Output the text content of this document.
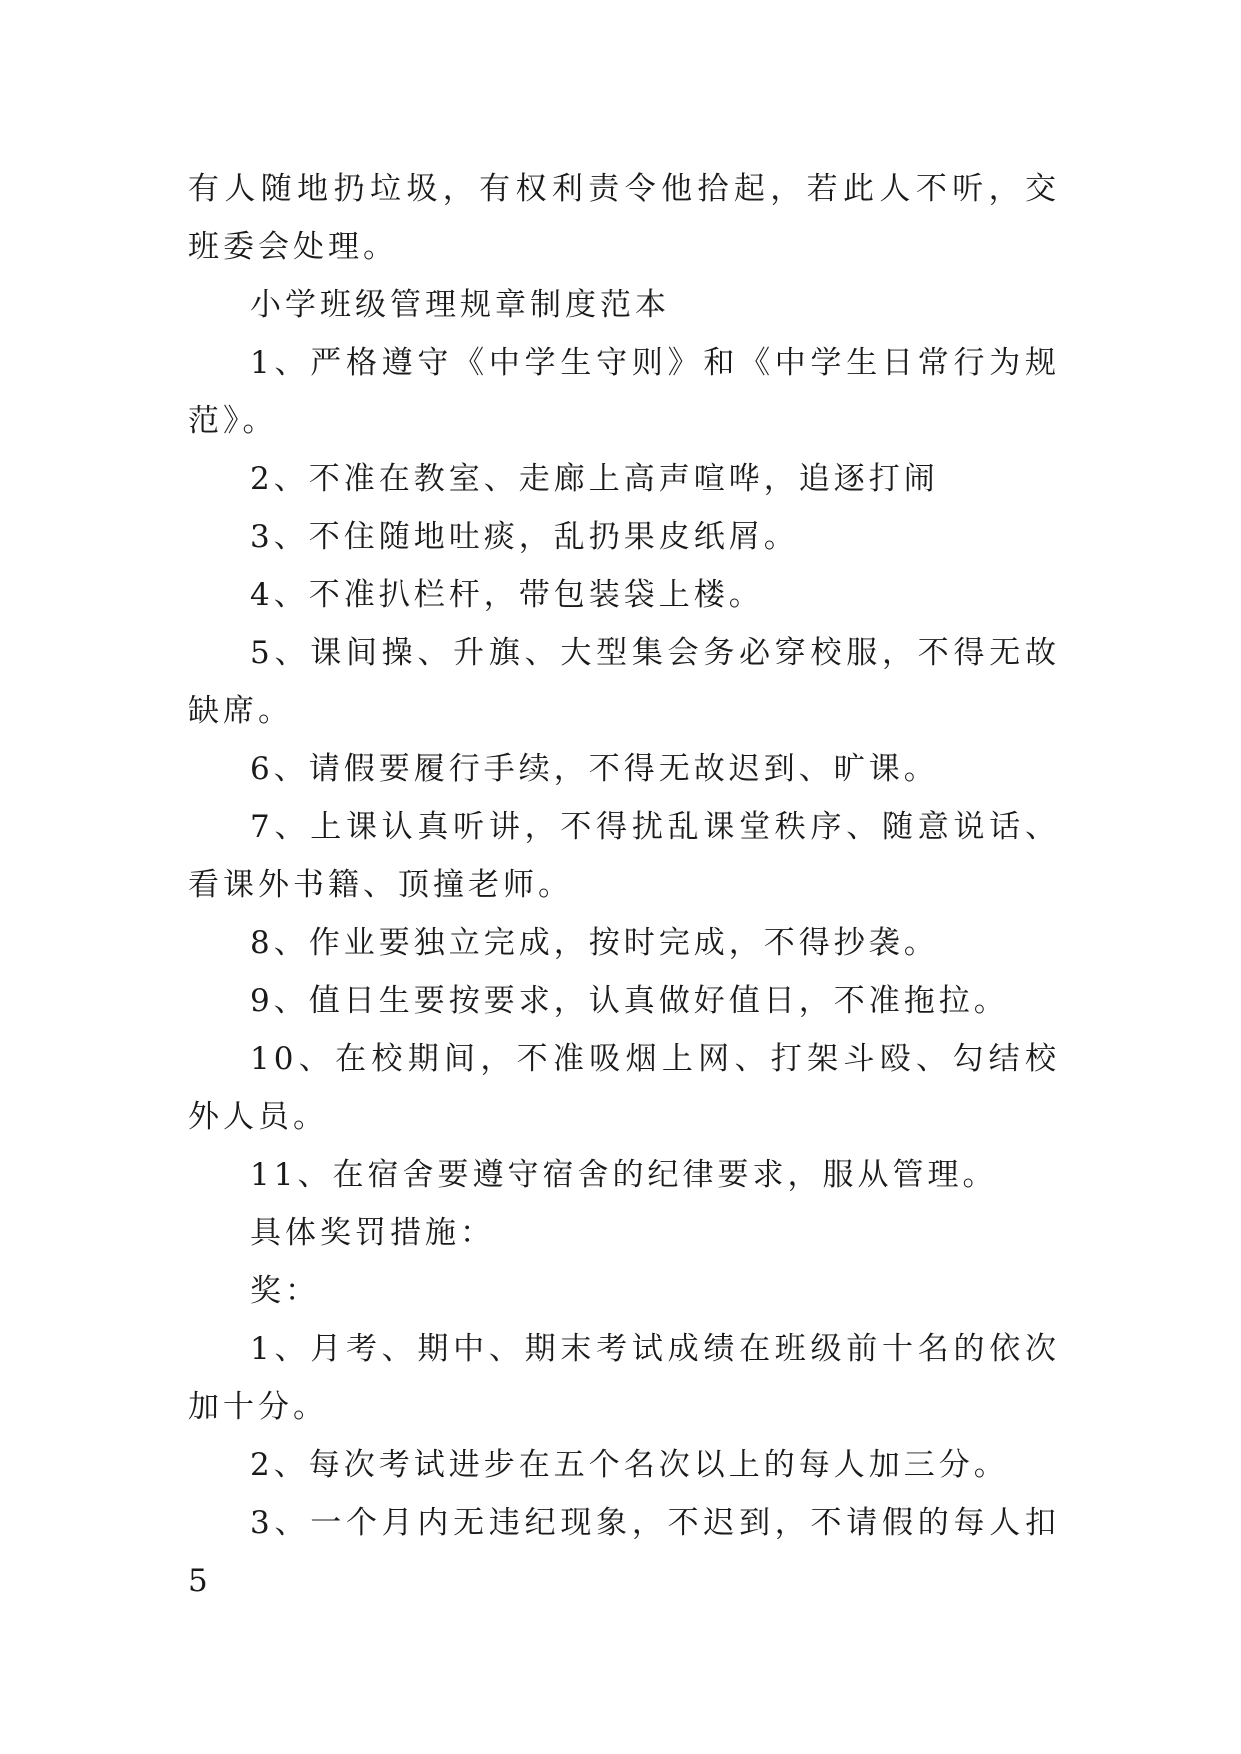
有人随地扔垃圾，有权利责令他拾起，若此人不听，交班委会处理。

小学班级管理规章制度范本

1、严格遵守《中学生守则》和《中学生日常行为规范》。

2、不准在教室、走廊上高声喧哗，追逐打闹

3、不住随地吐痰，乱扔果皮纸屑。

4、不准扒栏杆，带包装袋上楼。

5、课间操、升旗、大型集会务必穿校服，不得无故缺席。

6、请假要履行手续，不得无故迟到、旷课。

7、上课认真听讲，不得扰乱课堂秩序、随意说话、看课外书籍、顶撞老师。

8、作业要独立完成，按时完成，不得抄袭。

9、值日生要按要求，认真做好值日，不准拖拉。

10、在校期间，不准吸烟上网、打架斗殴、勾结校外人员。

11、在宿舍要遵守宿舍的纪律要求，服从管理。

具体奖罚措施：

奖：

1、月考、期中、期末考试成绩在班级前十名的依次加十分。

2、每次考试进步在五个名次以上的每人加三分。

3、一个月内无违纪现象，不迟到，不请假的每人扣5
